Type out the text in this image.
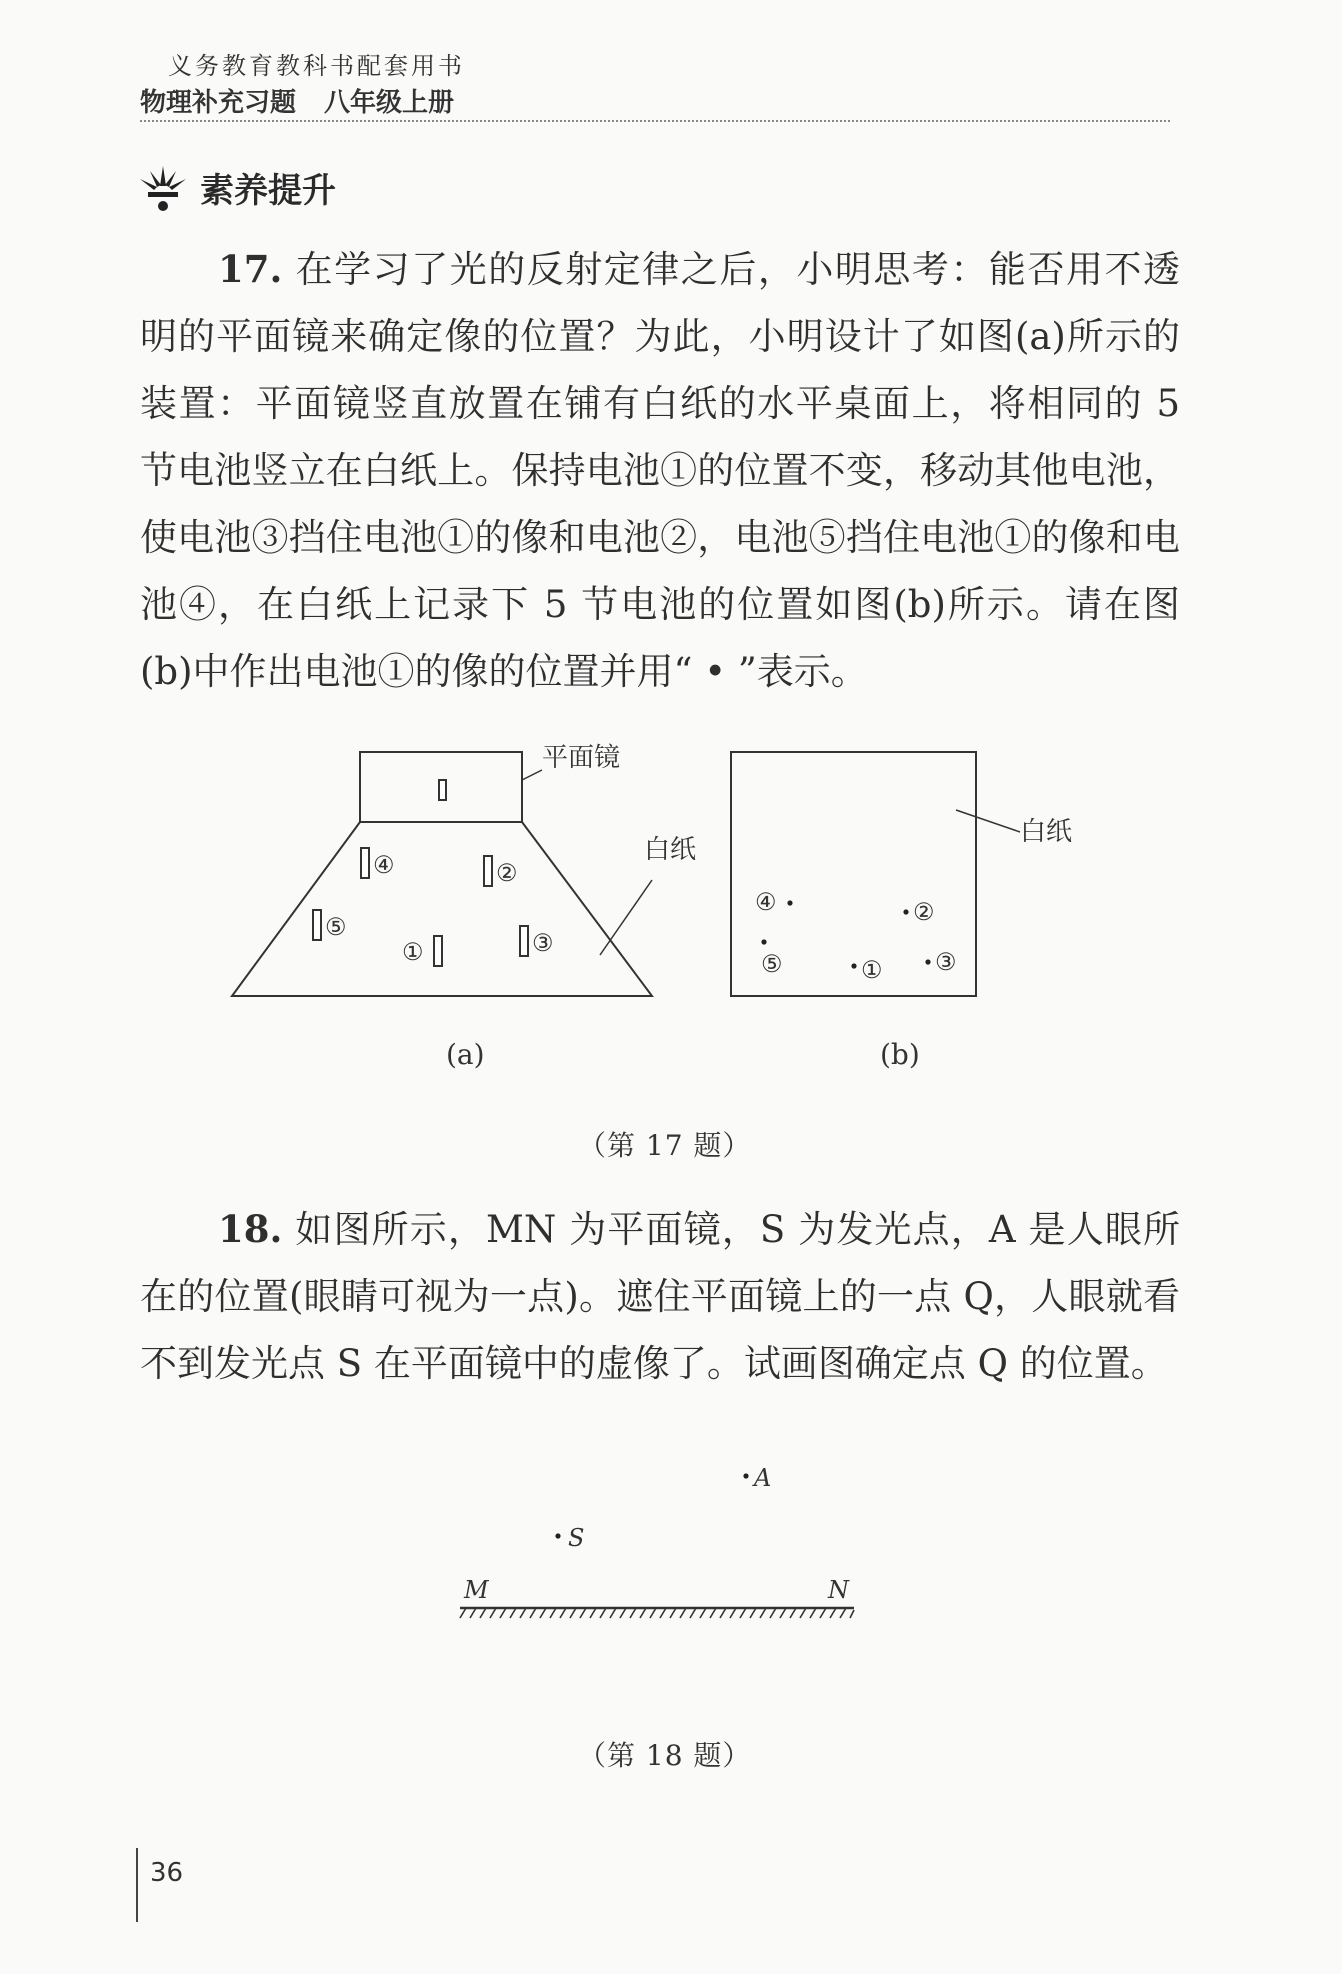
义务教育教科书配套用书
物理补充习题 八年级上册
素养提升
17. 在学习了光的反射定律之后，小明思考：能否用不透明的平面镜来确定像的位置？为此，小明设计了如图(a)所示的装置：平面镜竖直放置在铺有白纸的水平桌面上，将相同的 5 节电池竖立在白纸上。保持电池①的位置不变，移动其他电池，使电池③挡住电池①的像和电池②，电池⑤挡住电池①的像和电池④，在白纸上记录下 5 节电池的位置如图(b)所示。请在图(b)中作出电池①的像的位置并用“ • ”表示。
平面镜
白纸
④	②
⑤
①	③
(a)
白纸
④	②
⑤	① ③
(b)
（第 17 题）
18. 如图所示，MN 为平面镜，S 为发光点，A 是人眼所在的位置(眼睛可视为一点)。遮住平面镜上的一点 Q，人眼就看不到发光点 S 在平面镜中的虚像了。试画图确定点 Q 的位置。
A
S
M	N
（第 18 题）
36
